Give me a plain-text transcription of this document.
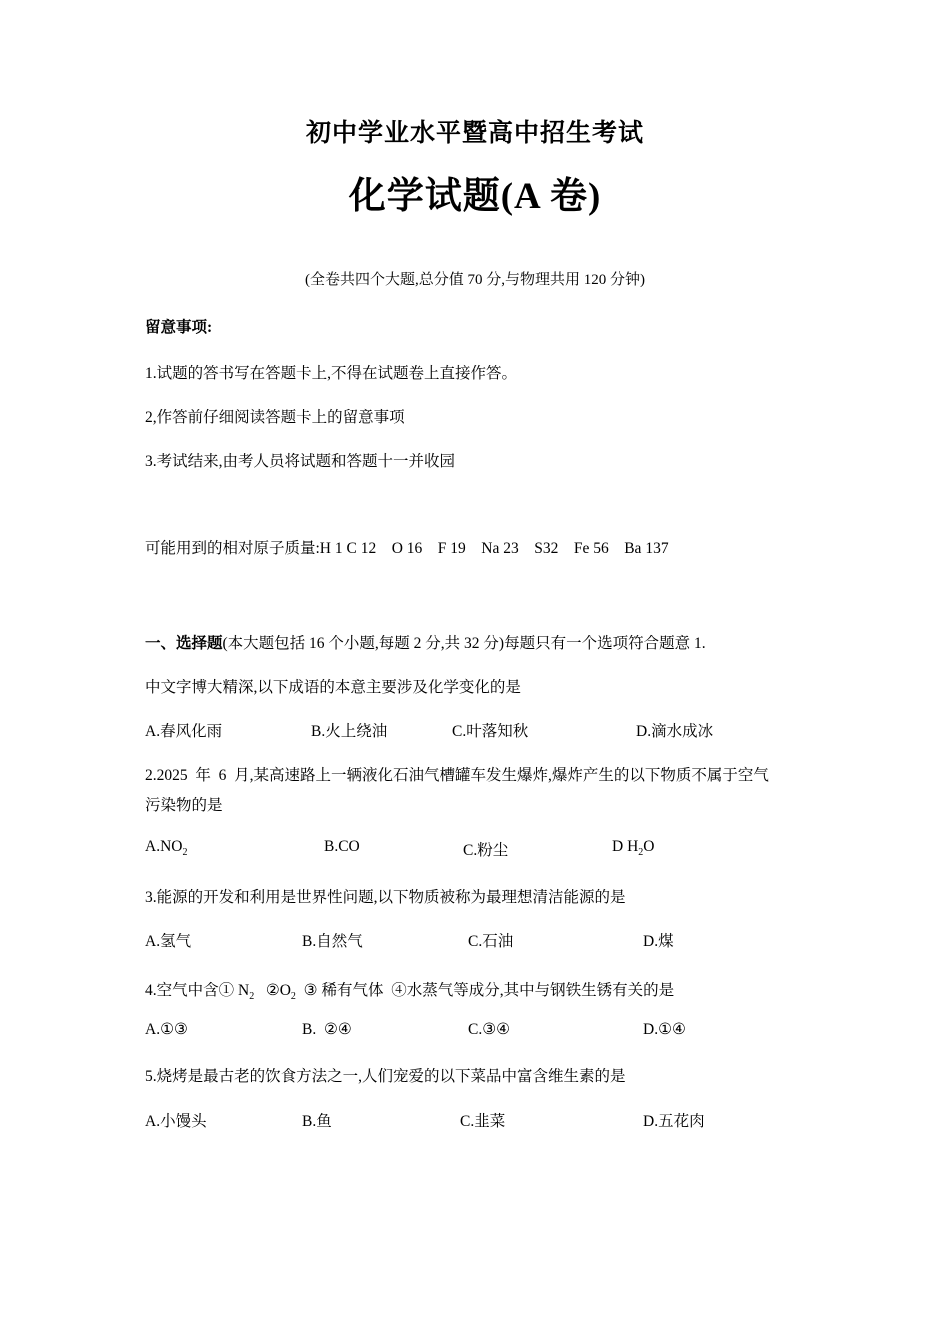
初中学业水平暨高中招生考试
化学试题(A 卷)
(全卷共四个大题,总分值 70 分,与物理共用 120 分钟)
留意事项:
1.试题的答书写在答题卡上,不得在试题卷上直接作答。
2,作答前仔细阅读答题卡上的留意事项
3.考试结来,由考人员将试题和答题十一并收园
可能用到的相对原子质量:H 1 C 12    O 16    F 19    Na 23    S32    Fe 56    Ba 137
一、选择题(本大题包括 16 个小题,每题 2 分,共 32 分)每题只有一个选项符合题意 1.
中文字博大精深,以下成语的本意主要涉及化学变化的是
A.春风化雨	B.火上绕油	C.叶落知秋	D.滴水成冰
2.2025  年  6  月,某高速路上一辆液化石油气槽罐车发生爆炸,爆炸产生的以下物质不属于空气
污染物的是
$A.NO_2$	B.CO	C.粉尘	D $H_2O$
3.能源的开发和利用是世界性问题,以下物质被称为最理想清洁能源的是
A.氢气	B.自然气	C.石油	D.煤
4.空气中含① $N_2$   $②O_2$  ③ 稀有气体  ④水蒸气等成分,其中与钢铁生锈有关的是
A.①③	B.  ②④	C.③④	D.①④
5.烧烤是最古老的饮食方法之一,人们宠爱的以下菜品中富含维生素的是
A.小馒头	B.鱼	C.韭菜	D.五花肉
